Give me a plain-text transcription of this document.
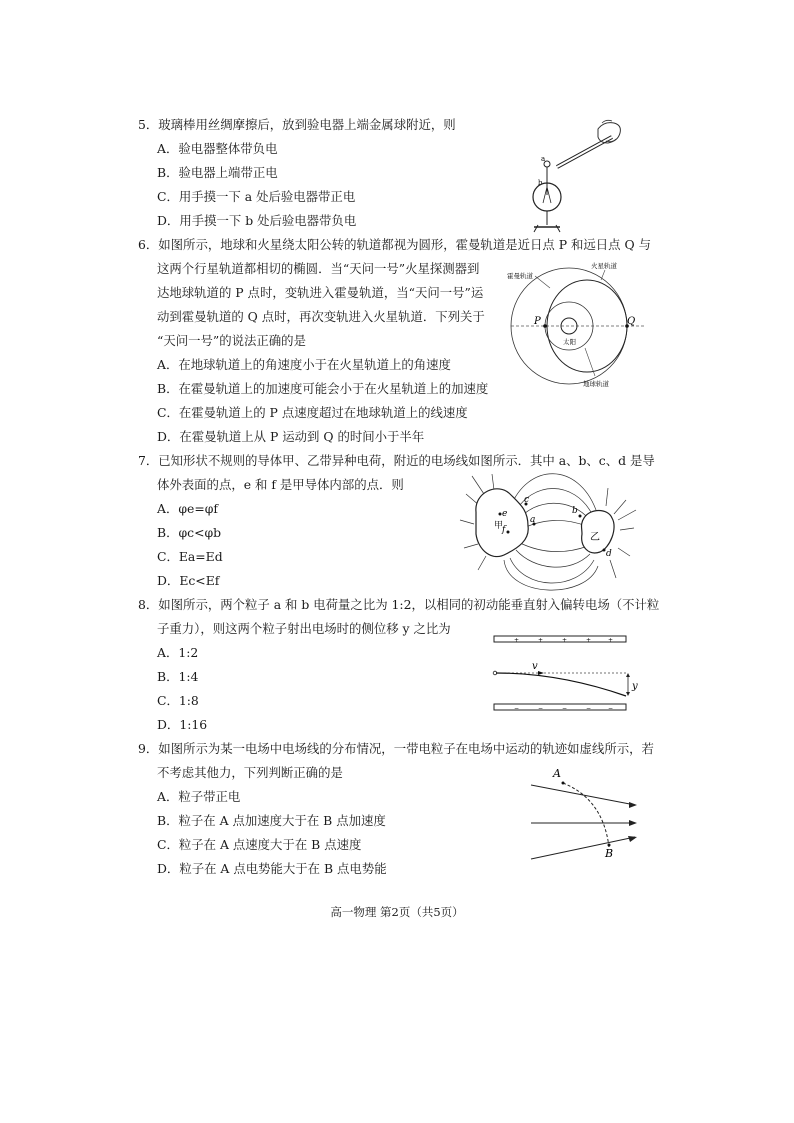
5．玻璃棒用丝绸摩擦后，放到验电器上端金属球附近，则
A．验电器整体带负电
B．验电器上端带正电
C．用手摸一下 a 处后验电器带正电
D．用手摸一下 b 处后验电器带负电
a
b
6．如图所示，地球和火星绕太阳公转的轨道都视为圆形，霍曼轨道是近日点 P 和远日点 Q 与
这两个行星轨道都相切的椭圆．当“天问一号”火星探测器到
达地球轨道的 P 点时，变轨进入霍曼轨道，当“天问一号”运
动到霍曼轨道的 Q 点时，再次变轨进入火星轨道．下列关于
“天问一号”的说法正确的是
A．在地球轨道上的角速度小于在火星轨道上的角速度
B．在霍曼轨道上的加速度可能会小于在火星轨道上的加速度
C．在霍曼轨道上的 P 点速度超过在地球轨道上的线速度
D．在霍曼轨道上从 P 运动到 Q 的时间小于半年
霍曼轨道
火星轨道
P	Q
太阳
地球轨道
7．已知形状不规则的导体甲、乙带异种电荷，附近的电场线如图所示．其中 a、b、c、d 是导
体外表面的点，e 和 f 是甲导体内部的点．则
A．φe=φf
B．φc<φb
C．Ea=Ed
D．Ec<Ef
e
甲
f
c
a
b
乙
d
8．如图所示，两个粒子 a 和 b 电荷量之比为 1:2，以相同的初动能垂直射入偏转电场（不计粒
子重力），则这两个粒子射出电场时的侧位移 y 之比为
A．1:2
B．1:4
C．1:8
D．1:16
+	+	+	+	+
−	−	−	−	−
v
y
9．如图所示为某一电场中电场线的分布情况，一带电粒子在电场中运动的轨迹如虚线所示，若
不考虑其他力，下列判断正确的是
A．粒子带正电
B．粒子在 A 点加速度大于在 B 点加速度
C．粒子在 A 点速度大于在 B 点速度
D．粒子在 A 点电势能大于在 B 点电势能
A
B
高一物理 第2页（共5页）
